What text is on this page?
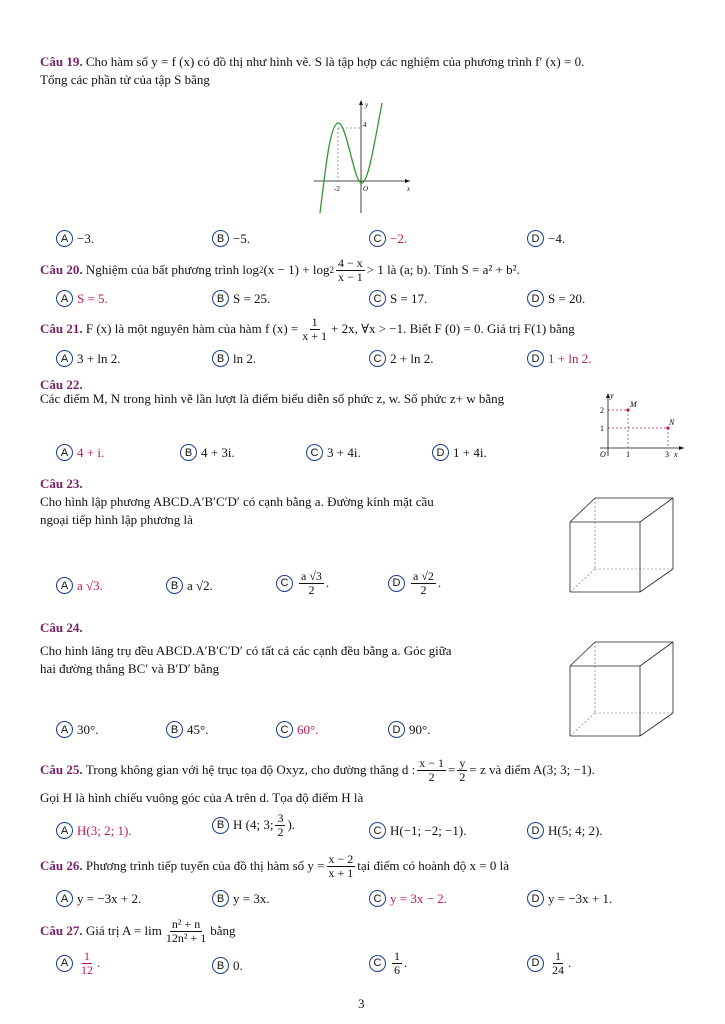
Câu 19. Cho hàm số y = f (x) có đồ thị như hình vẽ. S là tập hợp các nghiệm của phương trình f′ (x) = 0.
Tổng các phần tử của tập S bằng
y
x
4
-2	O
A −3.	B −5.	C −2.	D −4.
Câu 20.
Nghiệm của bất phương trình log 2 $(x - 1) + \log 2 \frac{4 - x}{x - 1} > 1$ là (a; b). Tính S = a² + b².
A S = 5.	B S = 25.	C S = 17.	D S = 20.
Câu 21.
F (x) là một nguyên hàm của hàm f $(x) = \frac{1}{x + 1} + 2x$, ∀x > −1. Biết F (0) = 0. Giá trị F(1) bằng
A 3 + ln 2.	B ln 2.	C 2 + ln 2.	D 1 + ln 2.
Câu 22.
Các điểm M, N trong hình vẽ lần lượt là điểm biểu diễn số phức z, w. Số phức z+ w bằng	M
N
y
x
O	1	3
2
1
A 4 + i.	B 4 + 3i.	C 3 + 4i.	D 1 + 4i.
Câu 23.
Cho hình lập phương ABCD.A′B′C′D′ có cạnh bằng a. Đường kính mặt cầu
ngoại tiếp hình lập phương là
A a √3.	B a √2.	C $\frac{a √3}{2}$ .	D $\frac{a √2}{2}$ .
Câu 24.
Cho hình lăng trụ đều ABCD.A′B′C′D′ có tất cả các cạnh đều bằng a. Góc giữa
hai đường thẳng BC′ và B′D′ bằng
A 30°.	B 45°.	C 60°.	D 90°.
Câu 25.
Trong không gian với hệ trục tọa độ Oxyz, cho đường thẳng d : $\frac{x - 1}{2} = \frac{y}{2} = z$ và điểm A(3; 3; −1).
Gọi H là hình chiếu vuông góc của A trên d. Tọa độ điểm H là
A H(3; 2; 1).	B H (4; 3; $\frac{3}{2}$ ).	C H(−1; −2; −1).	D H(5; 4; 2).
Câu 26.
Phương trình tiếp tuyến của đồ thị hàm số $y = \frac{x - 2}{x + 1}$ tại điểm có hoành độ x = 0 là
A y = −3x + 2.	B y = 3x.	C y = 3x − 2.	D y = −3x + 1.
Câu 27.
Giá trị $A = \lim \frac{\text{n² + n}}{\text{12n² + 1}}$ bằng
A $\frac{1}{12}$ .	B 0.	C $\frac{1}{6}$ .	D $\frac{1}{24}$ .
3
